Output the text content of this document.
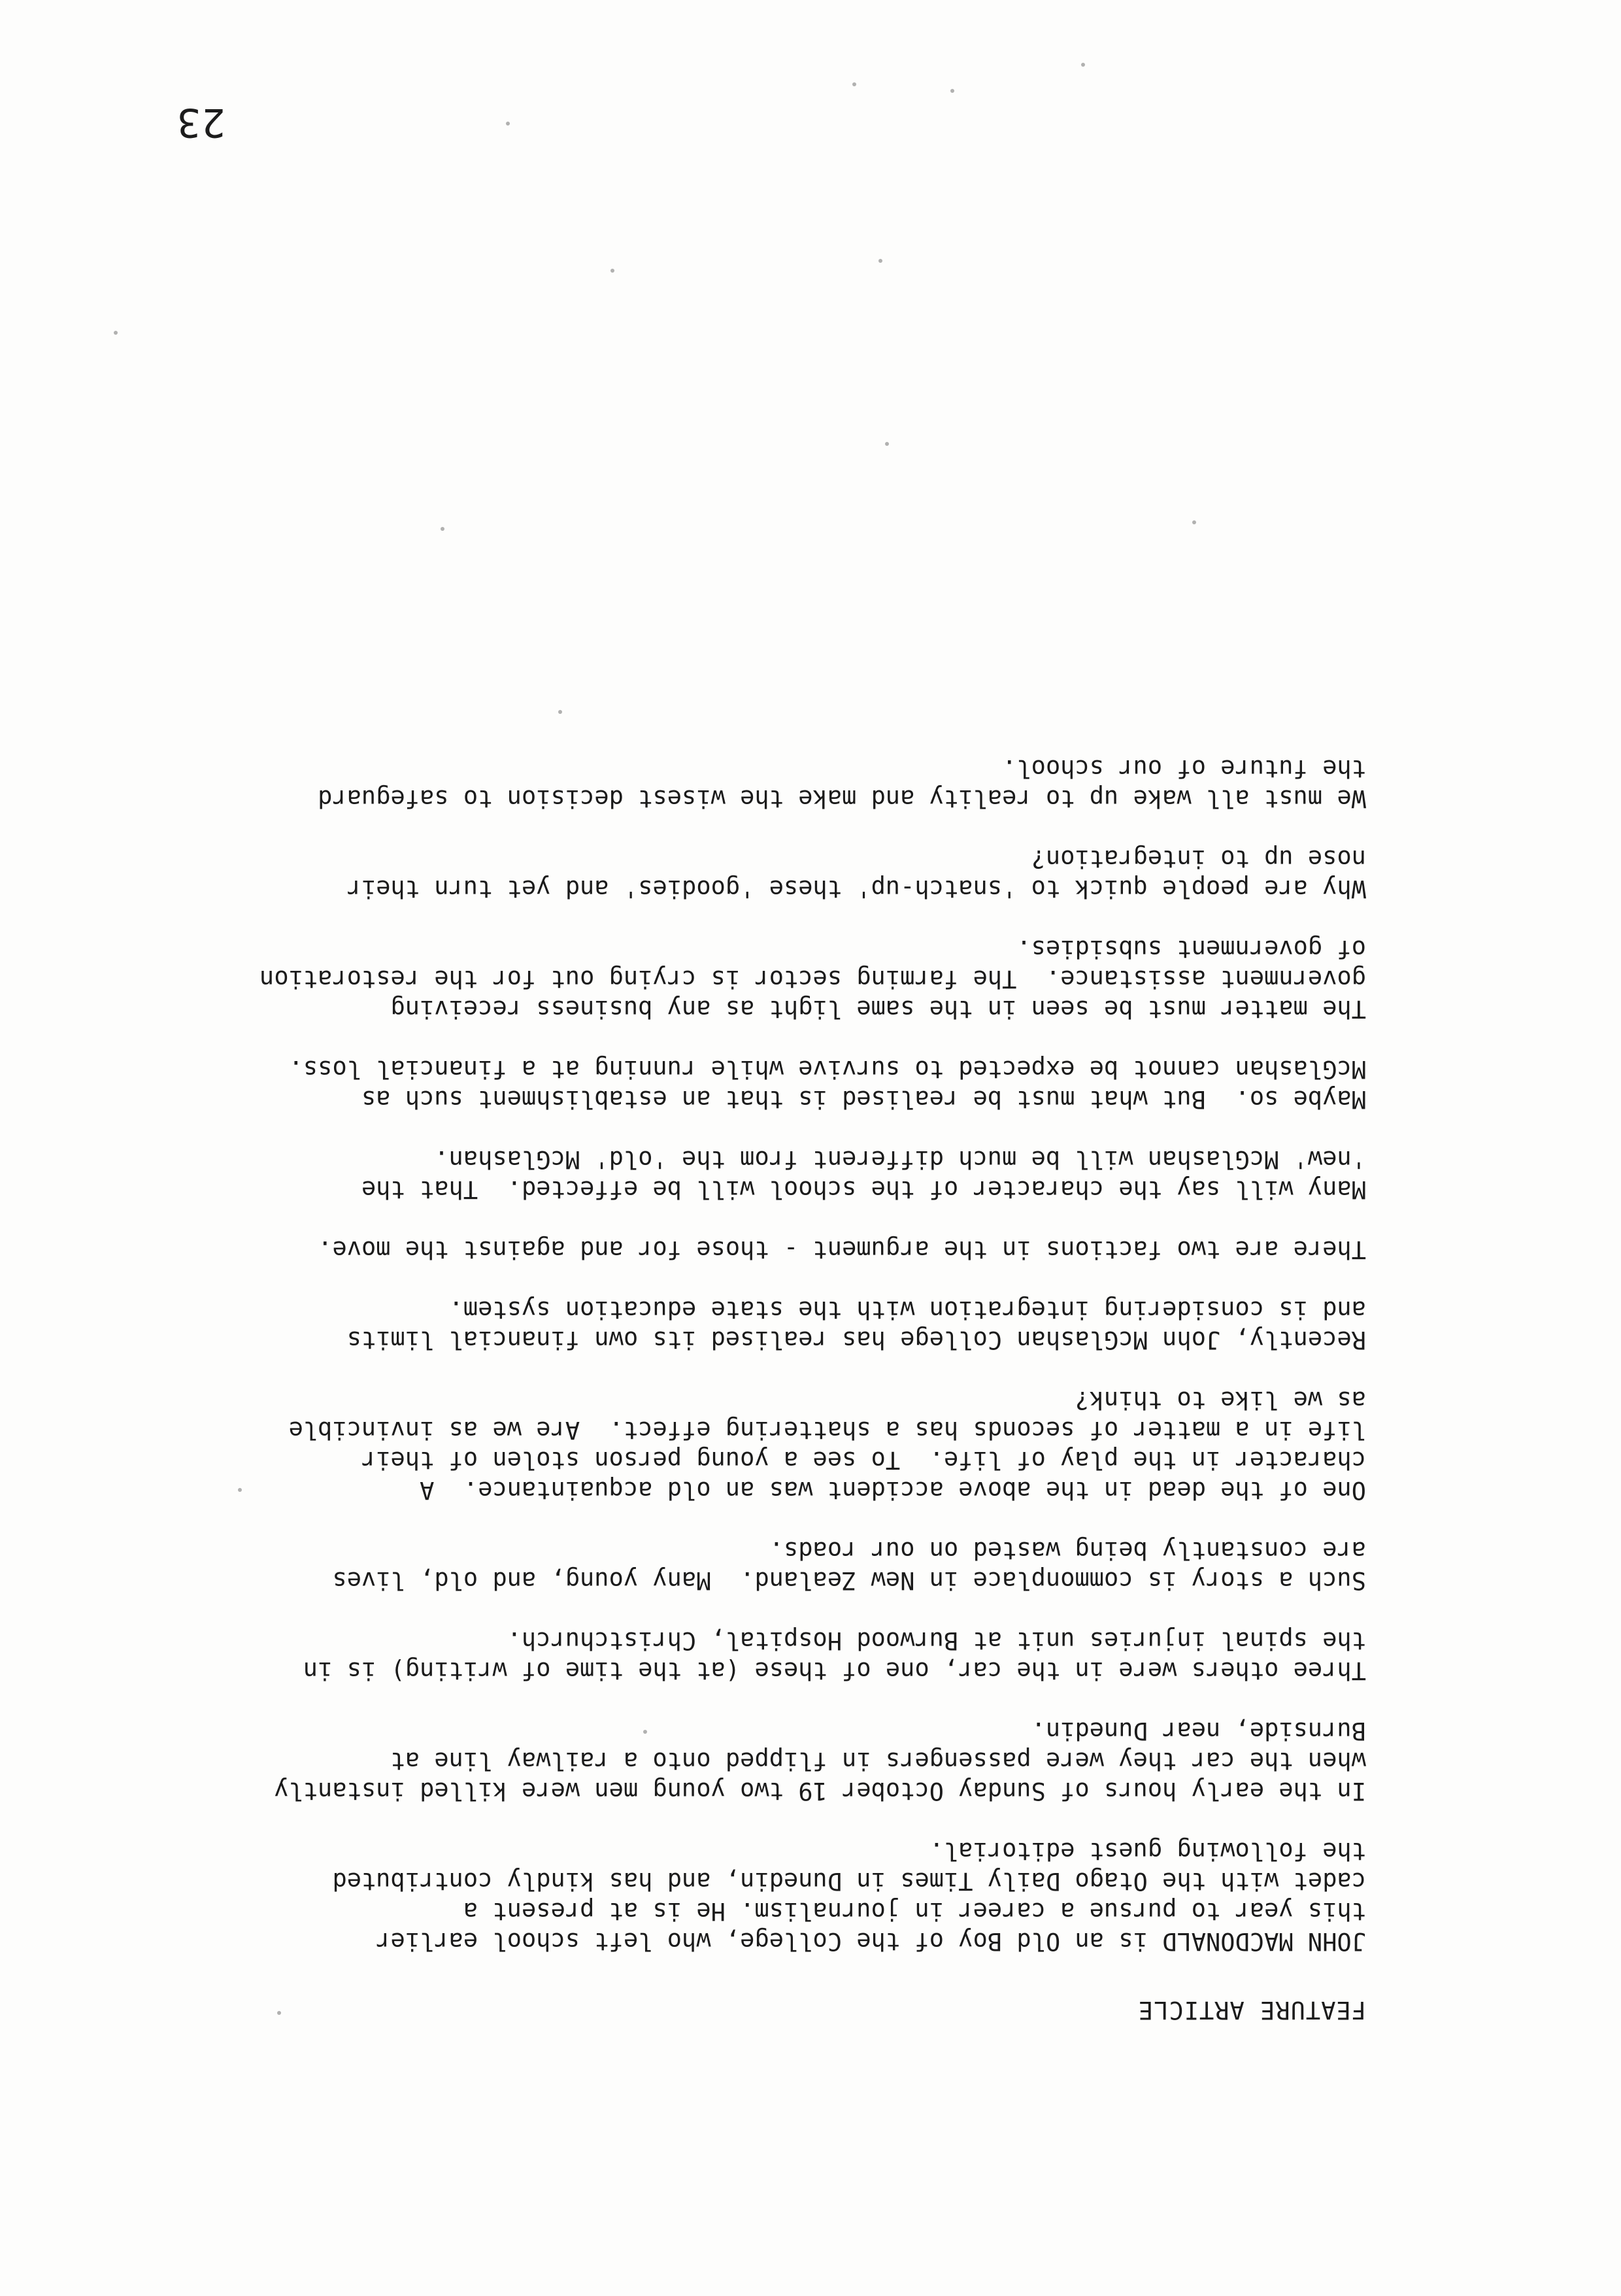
23
FEATURE ARTICLE
JOHN MACDONALD is an Old Boy of the College, who left school earlier
this year to pursue a career in journalism. He is at present a
cadet with the Otago Daily Times in Dunedin, and has kindly contributed
the following guest editorial.
In the early hours of Sunday October 19 two young men were killed instantly
when the car they were passengers in flipped onto a railway line at
Burnside, near Dunedin.
Three others were in the car, one of these (at the time of writing) is in
the spinal injuries unit at Burwood Hospital, Christchurch.
Such a story is commonplace in New Zealand.  Many young, and old, lives
are constantly being wasted on our roads.
One of the dead in the above accident was an old acquaintance.  A
character in the play of life.  To see a young person stolen of their
life in a matter of seconds has a shattering effect.  Are we as invincible
as we like to think?
Recently, John McGlashan College has realised its own financial limits
and is considering integration with the state education system.
There are two factions in the argument - those for and against the move.
Many will say the character of the school will be effected.  That the
'new' McGlashan will be much different from the 'old' McGlashan.
Maybe so.  But what must be realised is that an establishment such as
McGlashan cannot be expected to survive while running at a financial loss.
The matter must be seen in the same light as any business receiving
government assistance.  The farming sector is crying out for the restoration
of government subsidies.
Why are people quick to 'snatch-up' these 'goodies' and yet turn their
nose up to integration?
We must all wake up to reality and make the wisest decision to safeguard
the future of our school.
